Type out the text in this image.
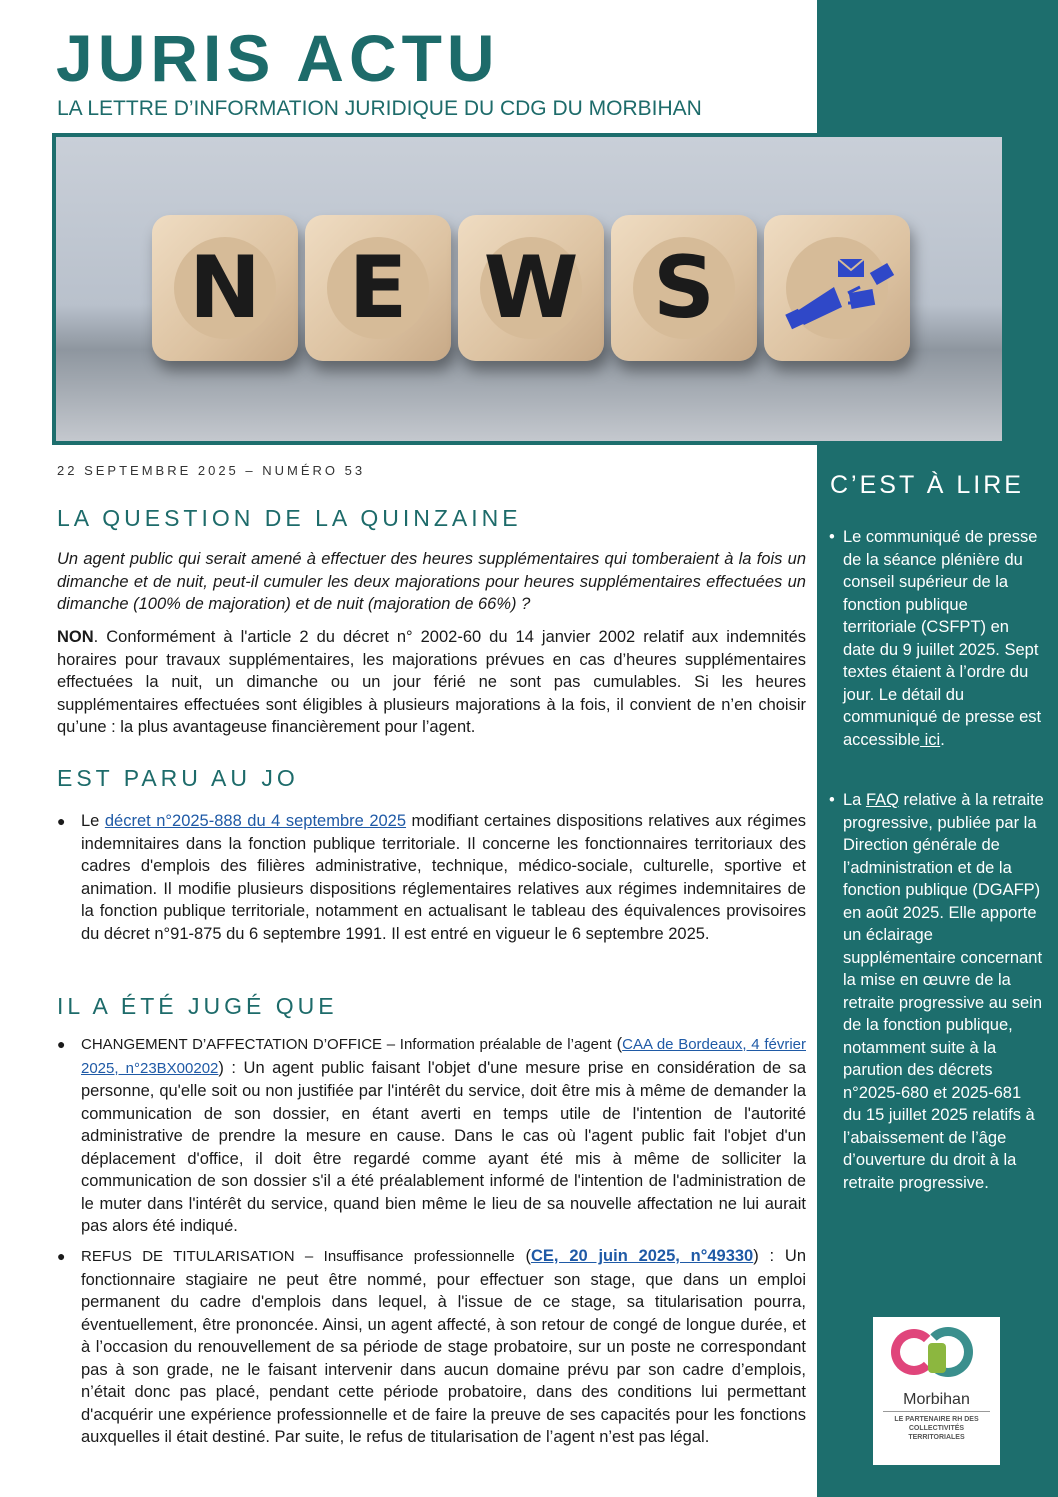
JURIS ACTU
LA LETTRE D’INFORMATION JURIDIQUE DU CDG DU MORBIHAN
N	E W S
22 SEPTEMBRE 2025 – NUMÉRO 53
LA QUESTION DE LA QUINZAINE
Un agent public qui serait amené à effectuer des heures supplémentaires qui tomberaient à la fois un dimanche et de nuit, peut-il cumuler les deux majorations pour heures supplémentaires effectuées un dimanche (100% de majoration) et de nuit (majoration de 66%) ?
NON. Conformément à l'article 2 du décret n° 2002-60 du 14 janvier 2002 relatif aux indemnités horaires pour travaux supplémentaires, les majorations prévues en cas d’heures supplémentaires effectuées la nuit, un dimanche ou un jour férié ne sont pas cumulables. Si les heures supplémentaires effectuées sont éligibles à plusieurs majorations à la fois, il convient de n’en choisir qu’une : la plus avantageuse financièrement pour l’agent.
EST PARU AU JO
● Le décret n°2025-888 du 4 septembre 2025 modifiant certaines dispositions relatives aux régimes indemnitaires dans la fonction publique territoriale. Il concerne les fonctionnaires territoriaux des cadres d'emplois des filières administrative, technique, médico-sociale, culturelle, sportive et animation. Il modifie plusieurs dispositions réglementaires relatives aux régimes indemnitaires de la fonction publique territoriale, notamment en actualisant le tableau des équivalences provisoires du décret n°91-875 du 6 septembre 1991. Il est entré en vigueur le 6 septembre 2025.
IL A ÉTÉ JUGÉ QUE
● CHANGEMENT D’AFFECTATION D’OFFICE – Information préalable de l’agent (CAA de Bordeaux, 4 février 2025, n°23BX00202) : Un agent public faisant l'objet d'une mesure prise en considération de sa personne, qu'elle soit ou non justifiée par l'intérêt du service, doit être mis à même de demander la communication de son dossier, en étant averti en temps utile de l'intention de l'autorité administrative de prendre la mesure en cause. Dans le cas où l'agent public fait l'objet d'un déplacement d'office, il doit être regardé comme ayant été mis à même de solliciter la communication de son dossier s'il a été préalablement informé de l'intention de l'administration de le muter dans l'intérêt du service, quand bien même le lieu de sa nouvelle affectation ne lui aurait pas alors été indiqué.
● REFUS DE TITULARISATION – Insuffisance professionnelle (CE, 20 juin 2025, n°49330) : Un fonctionnaire stagiaire ne peut être nommé, pour effectuer son stage, que dans un emploi permanent du cadre d'emplois dans lequel, à l'issue de ce stage, sa titularisation pourra, éventuellement, être prononcée. Ainsi, un agent affecté, à son retour de congé de longue durée, et à l’occasion du renouvellement de sa période de stage probatoire, sur un poste ne correspondant pas à son grade, ne le faisant intervenir dans aucun domaine prévu par son cadre d’emplois, n’était donc pas placé, pendant cette période probatoire, dans des conditions lui permettant d'acquérir une expérience professionnelle et de faire la preuve de ses capacités pour les fonctions auxquelles il était destiné. Par suite, le refus de titularisation de l’agent n’est pas légal.
C’EST À LIRE
• Le communiqué de presse de la séance plénière du conseil supérieur de la fonction publique territoriale (CSFPT) en date du 9 juillet 2025. Sept textes étaient à l’ordre du jour. Le détail du communiqué de presse est accessible ici.
• La FAQ relative à la retraite progressive, publiée par la Direction générale de l’administration et de la fonction publique (DGAFP) en août 2025. Elle apporte un éclairage supplémentaire concernant la mise en œuvre de la retraite progressive au sein de la fonction publique, notamment suite à la parution des décrets n°2025-680 et 2025-681 du 15 juillet 2025 relatifs à l’abaissement de l’âge d’ouverture du droit à la retraite progressive.
Morbihan
LE PARTENAIRE RH DES COLLECTIVITÉS TERRITORIALES
